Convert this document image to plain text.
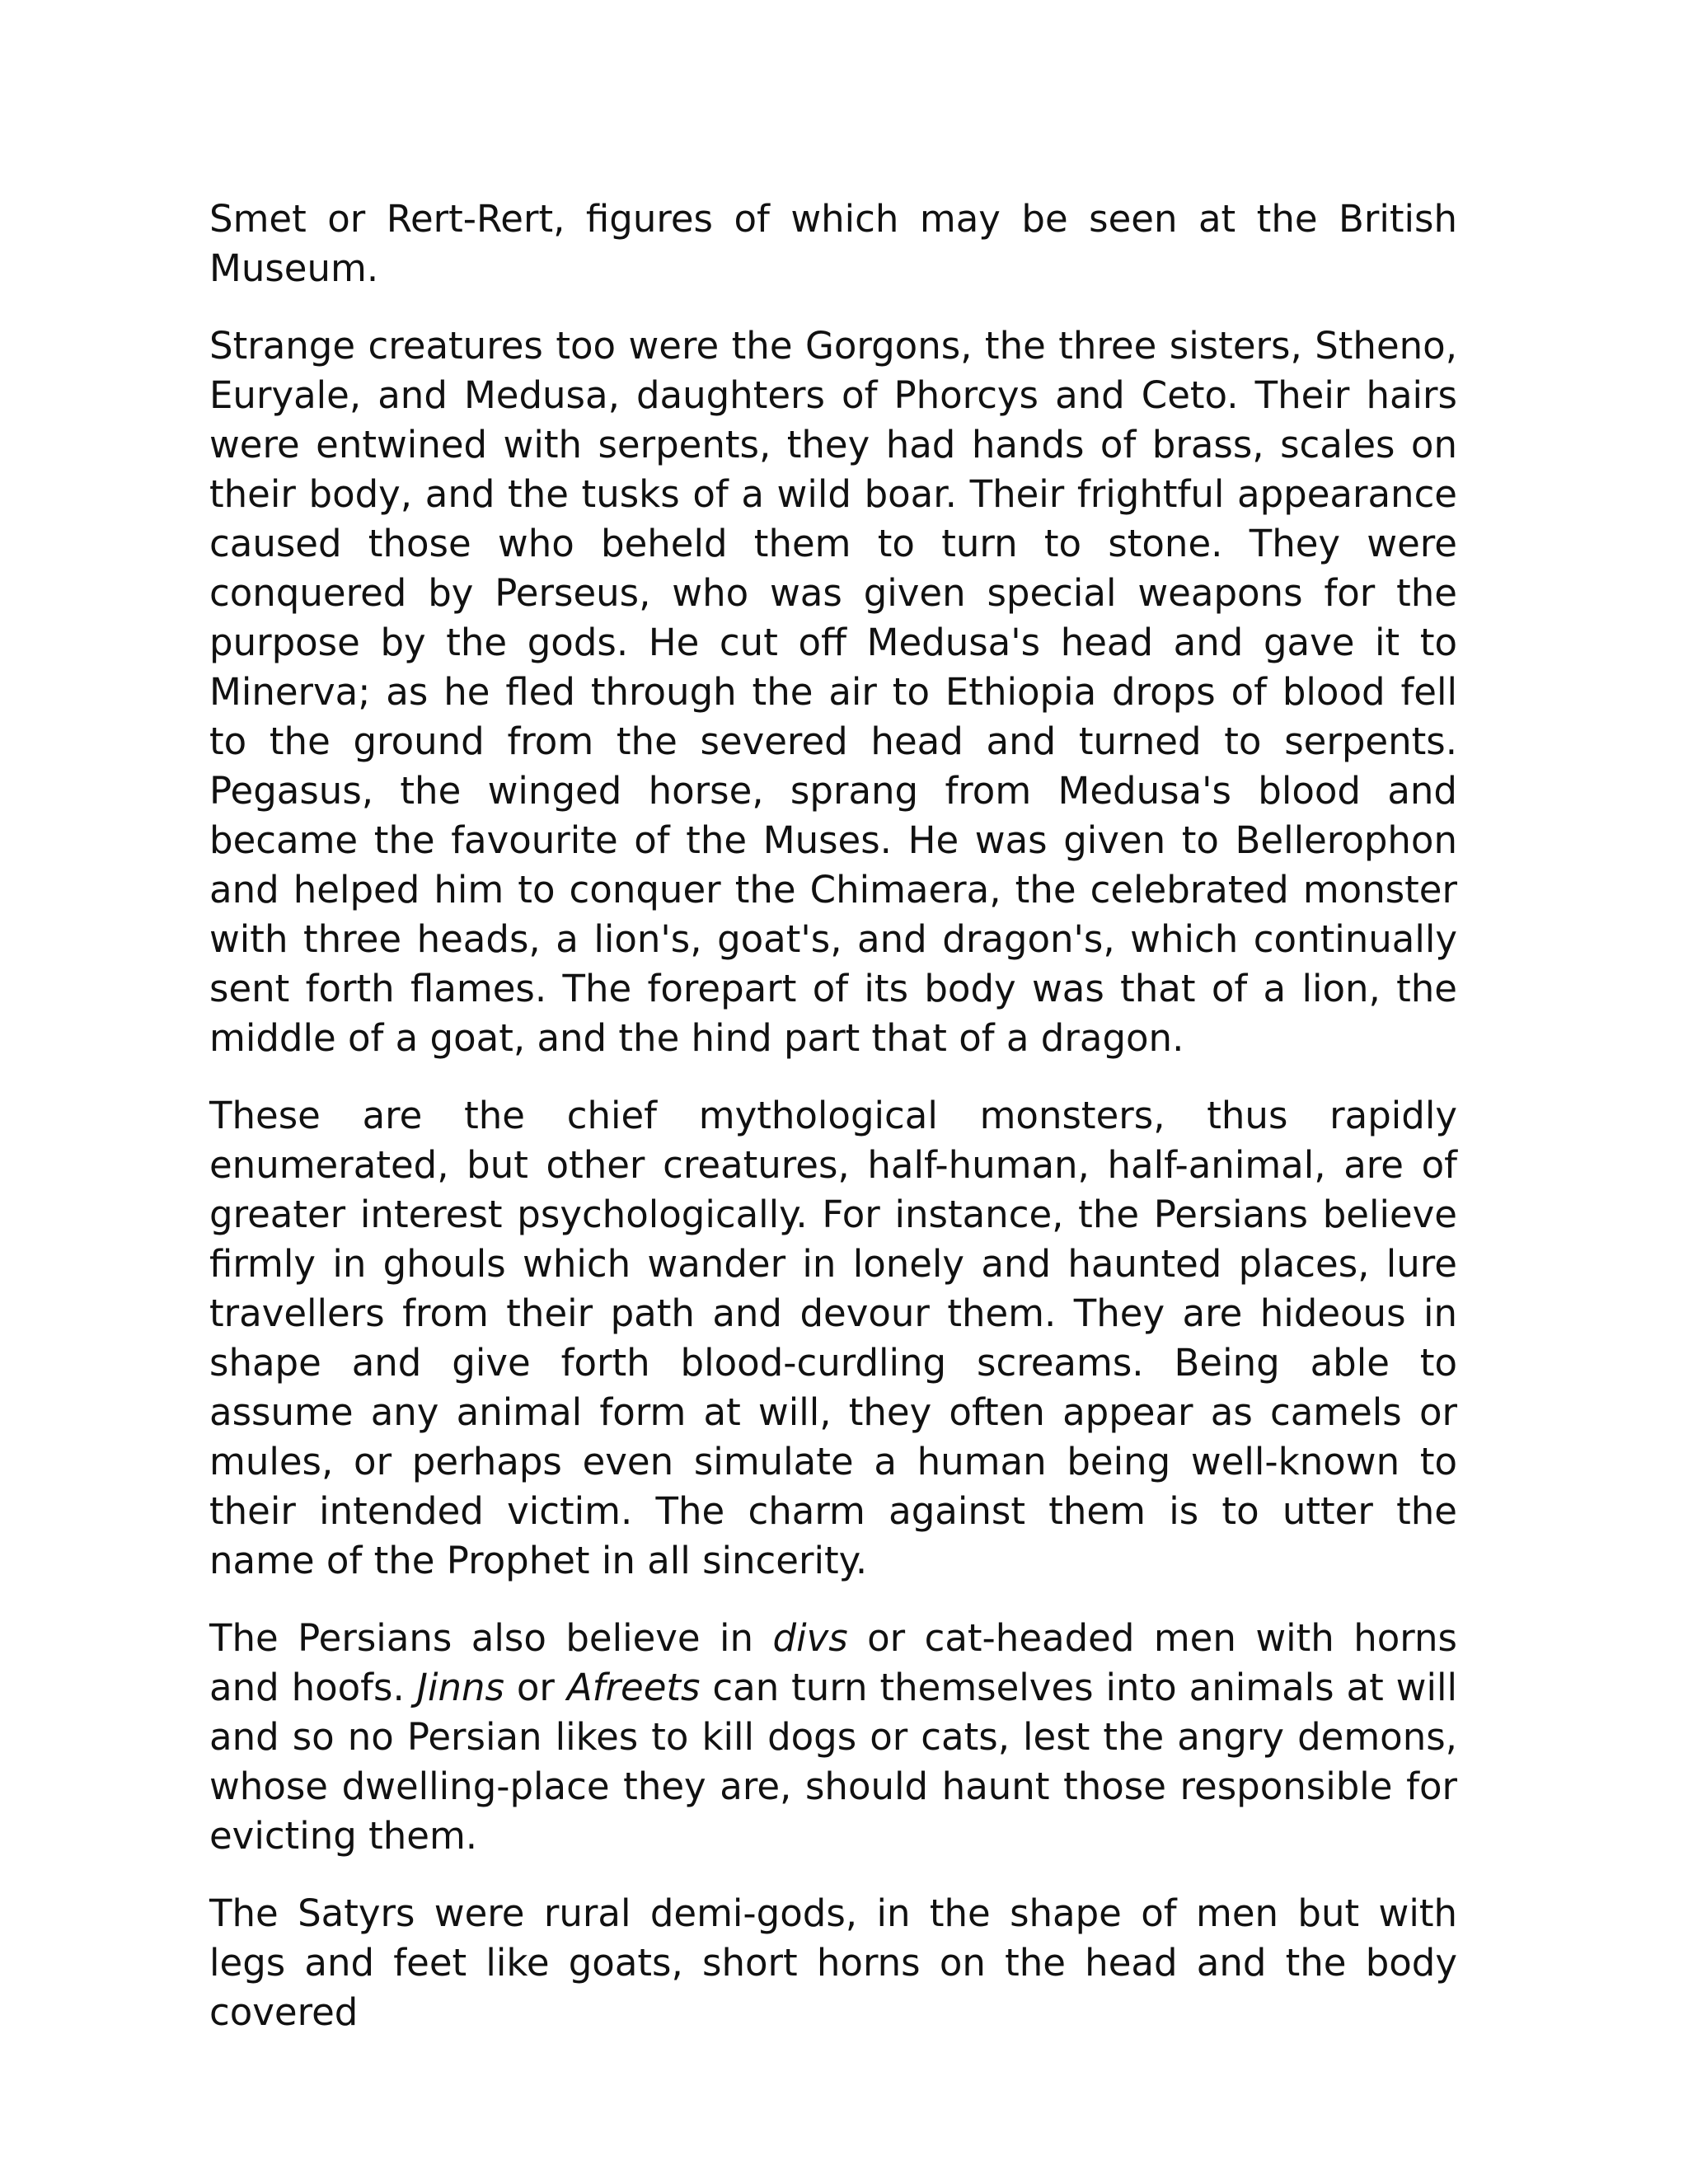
Smet or Rert-Rert, figures of which may be seen at the British Museum.

Strange creatures too were the Gorgons, the three sisters, Stheno, Euryale, and Medusa, daughters of Phorcys and Ceto. Their hairs were entwined with serpents, they had hands of brass, scales on their body, and the tusks of a wild boar. Their frightful appearance caused those who beheld them to turn to stone. They were conquered by Perseus, who was given special weapons for the purpose by the gods. He cut off Medusa's head and gave it to Minerva; as he fled through the air to Ethiopia drops of blood fell to the ground from the severed head and turned to serpents. Pegasus, the winged horse, sprang from Medusa's blood and became the favourite of the Muses. He was given to Bellerophon and helped him to conquer the Chimaera, the celebrated monster with three heads, a lion's, goat's, and dragon's, which continually sent forth flames. The forepart of its body was that of a lion, the middle of a goat, and the hind part that of a dragon.

These are the chief mythological monsters, thus rapidly enumerated, but other creatures, half-human, half-animal, are of greater interest psychologically. For instance, the Persians believe firmly in ghouls which wander in lonely and haunted places, lure travellers from their path and devour them. They are hideous in shape and give forth blood-curdling screams. Being able to assume any animal form at will, they often appear as camels or mules, or perhaps even simulate a human being well-known to their intended victim. The charm against them is to utter the name of the Prophet in all sincerity.

The Persians also believe in divs or cat-headed men with horns and hoofs. Jinns or Afreets can turn themselves into animals at will and so no Persian likes to kill dogs or cats, lest the angry demons, whose dwelling-place they are, should haunt those responsible for evicting them.

The Satyrs were rural demi-gods, in the shape of men but with legs and feet like goats, short horns on the head and the body covered
